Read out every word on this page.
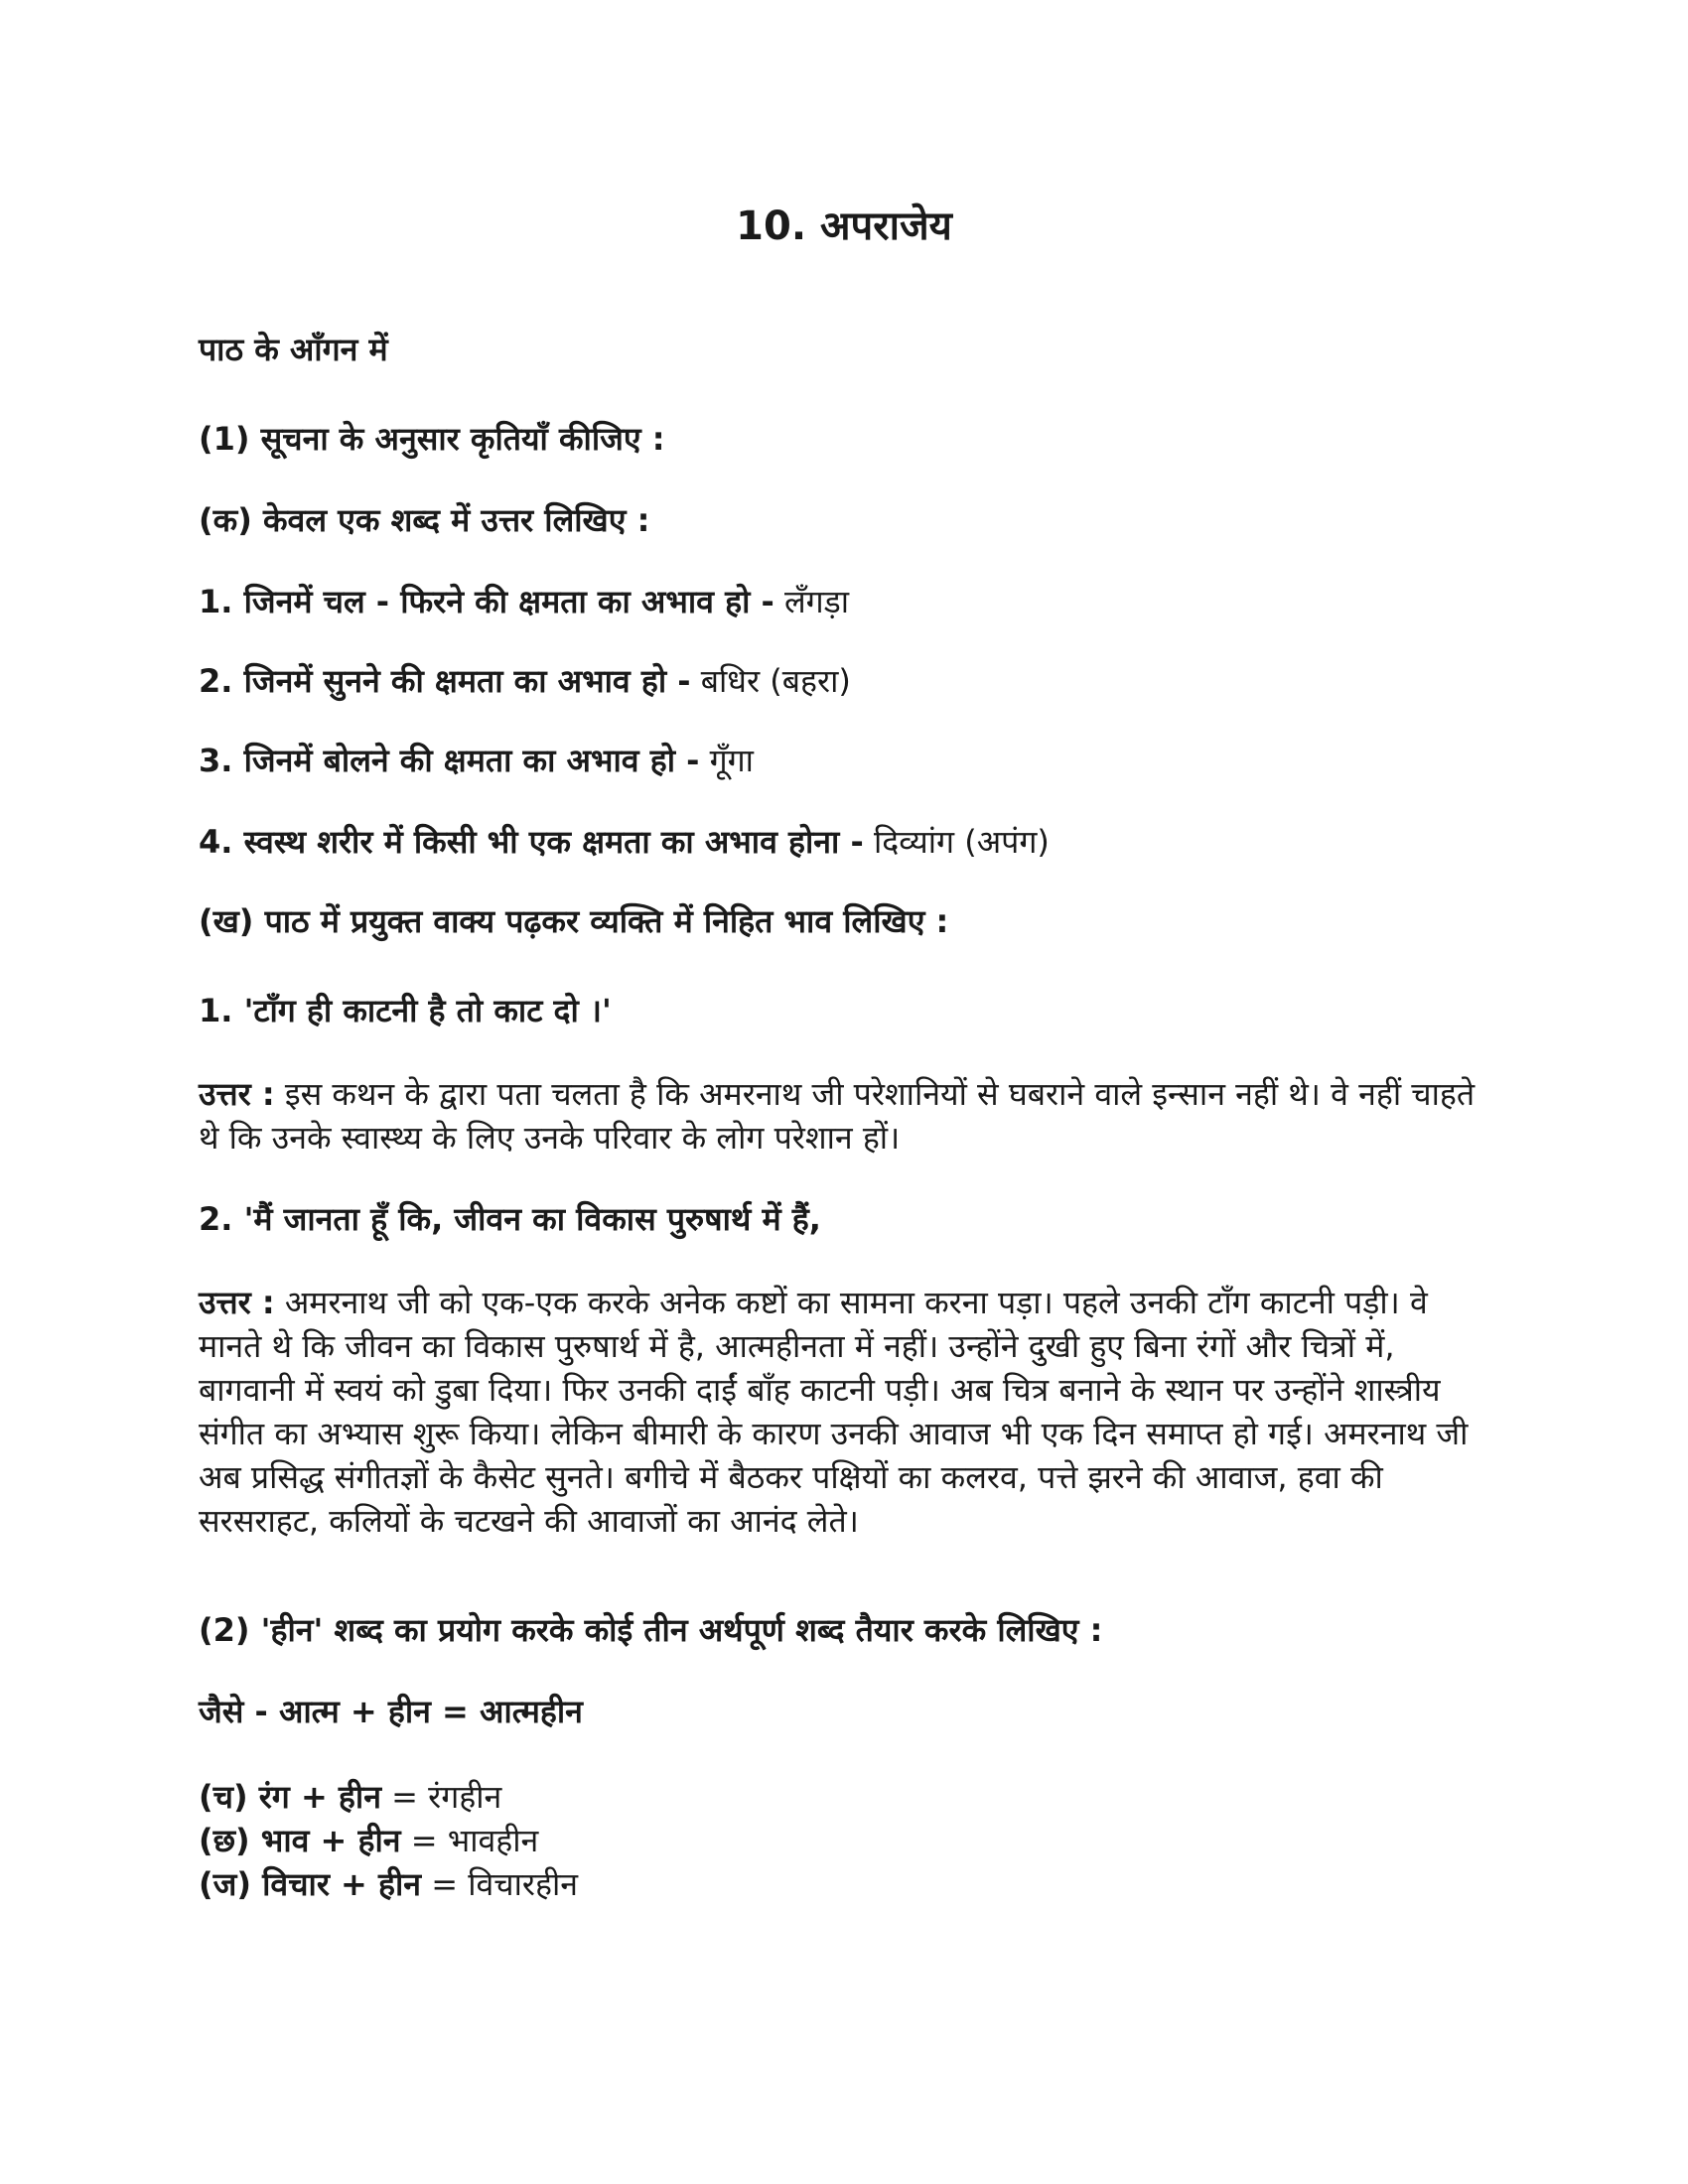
10. अपराजेय
पाठ के आँगन में
(1) सूचना के अनुसार कृतियाँ कीजिए :
(क) केवल एक शब्द में उत्तर लिखिए :
1. जिनमें चल - फिरने की क्षमता का अभाव हो - लँगड़ा
2. जिनमें सुनने की क्षमता का अभाव हो - बधिर (बहरा)
3. जिनमें बोलने की क्षमता का अभाव हो - गूँगा
4. स्वस्थ शरीर में किसी भी एक क्षमता का अभाव होना - दिव्यांग (अपंग)
(ख) पाठ में प्रयुक्त वाक्य पढ़कर व्यक्ति में निहित भाव लिखिए :
1. 'टाँग ही काटनी है तो काट दो ।'
उत्तर : इस कथन के द्वारा पता चलता है कि अमरनाथ जी परेशानियों से घबराने वाले इन्सान नहीं थे। वे नहीं चाहते थे कि उनके स्वास्थ्य के लिए उनके परिवार के लोग परेशान हों।
2. 'मैं जानता हूँ कि, जीवन का विकास पुरुषार्थ में हैं,
उत्तर : अमरनाथ जी को एक-एक करके अनेक कष्टों का सामना करना पड़ा। पहले उनकी टाँग काटनी पड़ी। वे मानते थे कि जीवन का विकास पुरुषार्थ में है, आत्महीनता में नहीं। उन्होंने दुखी हुए बिना रंगों और चित्रों में, बागवानी में स्वयं को डुबा दिया। फिर उनकी दाईं बाँह काटनी पड़ी। अब चित्र बनाने के स्थान पर उन्होंने शास्त्रीय संगीत का अभ्यास शुरू किया। लेकिन बीमारी के कारण उनकी आवाज भी एक दिन समाप्त हो गई। अमरनाथ जी अब प्रसिद्ध संगीतज्ञों के कैसेट सुनते। बगीचे में बैठकर पक्षियों का कलरव, पत्ते झरने की आवाज, हवा की सरसराहट, कलियों के चटखने की आवाजों का आनंद लेते।
(2) 'हीन' शब्द का प्रयोग करके कोई तीन अर्थपूर्ण शब्द तैयार करके लिखिए :
जैसे - आत्म + हीन = आत्महीन
(च) रंग + हीन = रंगहीन
(छ) भाव + हीन = भावहीन
(ज) विचार + हीन = विचारहीन
